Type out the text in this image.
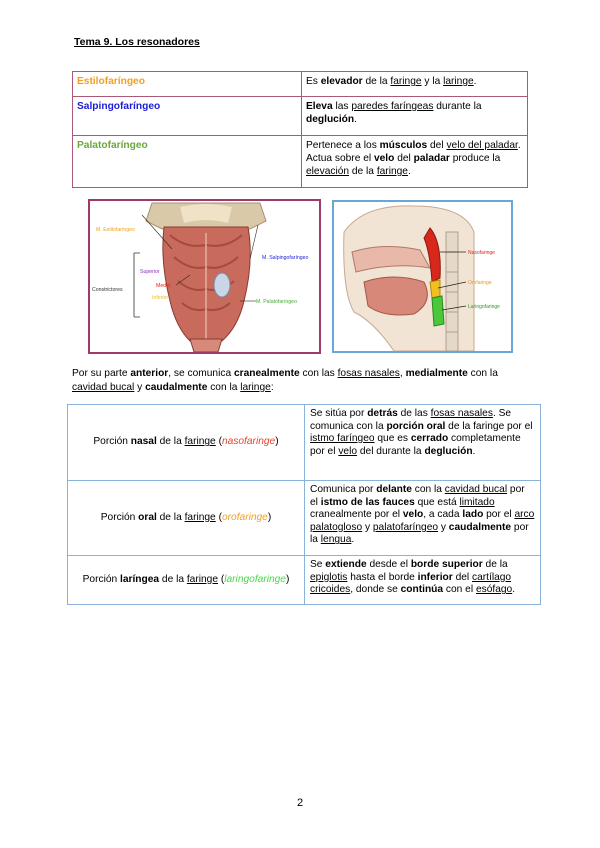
Tema 9. Los resonadores
Estilofaríngeo	Es elevador de la faringe y la laringe.
Salpingofaríngeo	Eleva las paredes faríngeas durante la deglución.
Palatofaríngeo	Pertenece a los músculos del velo del paladar. Actua sobre el velo del paladar produce la elevación de la faringe.
M. Estilofaríngeo
M. Salpingofaríngeo
Superior
Medio
Constrictores
Inferior
M. Palatofaríngeo
Nasofaringe
Orofaringe
Laringofaringe
Por su parte anterior, se comunica cranealmente con las fosas nasales, medialmente con la cavidad bucal y caudalmente con la laringe:
Porción nasal de la faringe (nasofaringe)	Se sitúa por detrás de las fosas nasales. Se comunica con la porción oral de la faringe por el istmo faríngeo que es cerrado completamente por el velo del durante la deglución.
Porción oral de la faringe (orofaringe)	Comunica por delante con la cavidad bucal por el istmo de las fauces que está limitado cranealmente por el velo, a cada lado por el arco palatogloso y palatofaríngeo y caudalmente por la lengua.
Porción laríngea de la faringe (laringofaringe)	Se extiende desde el borde superior de la epiglotis hasta el borde inferior del cartílago cricoides, donde se continúa con el esófago.
2
